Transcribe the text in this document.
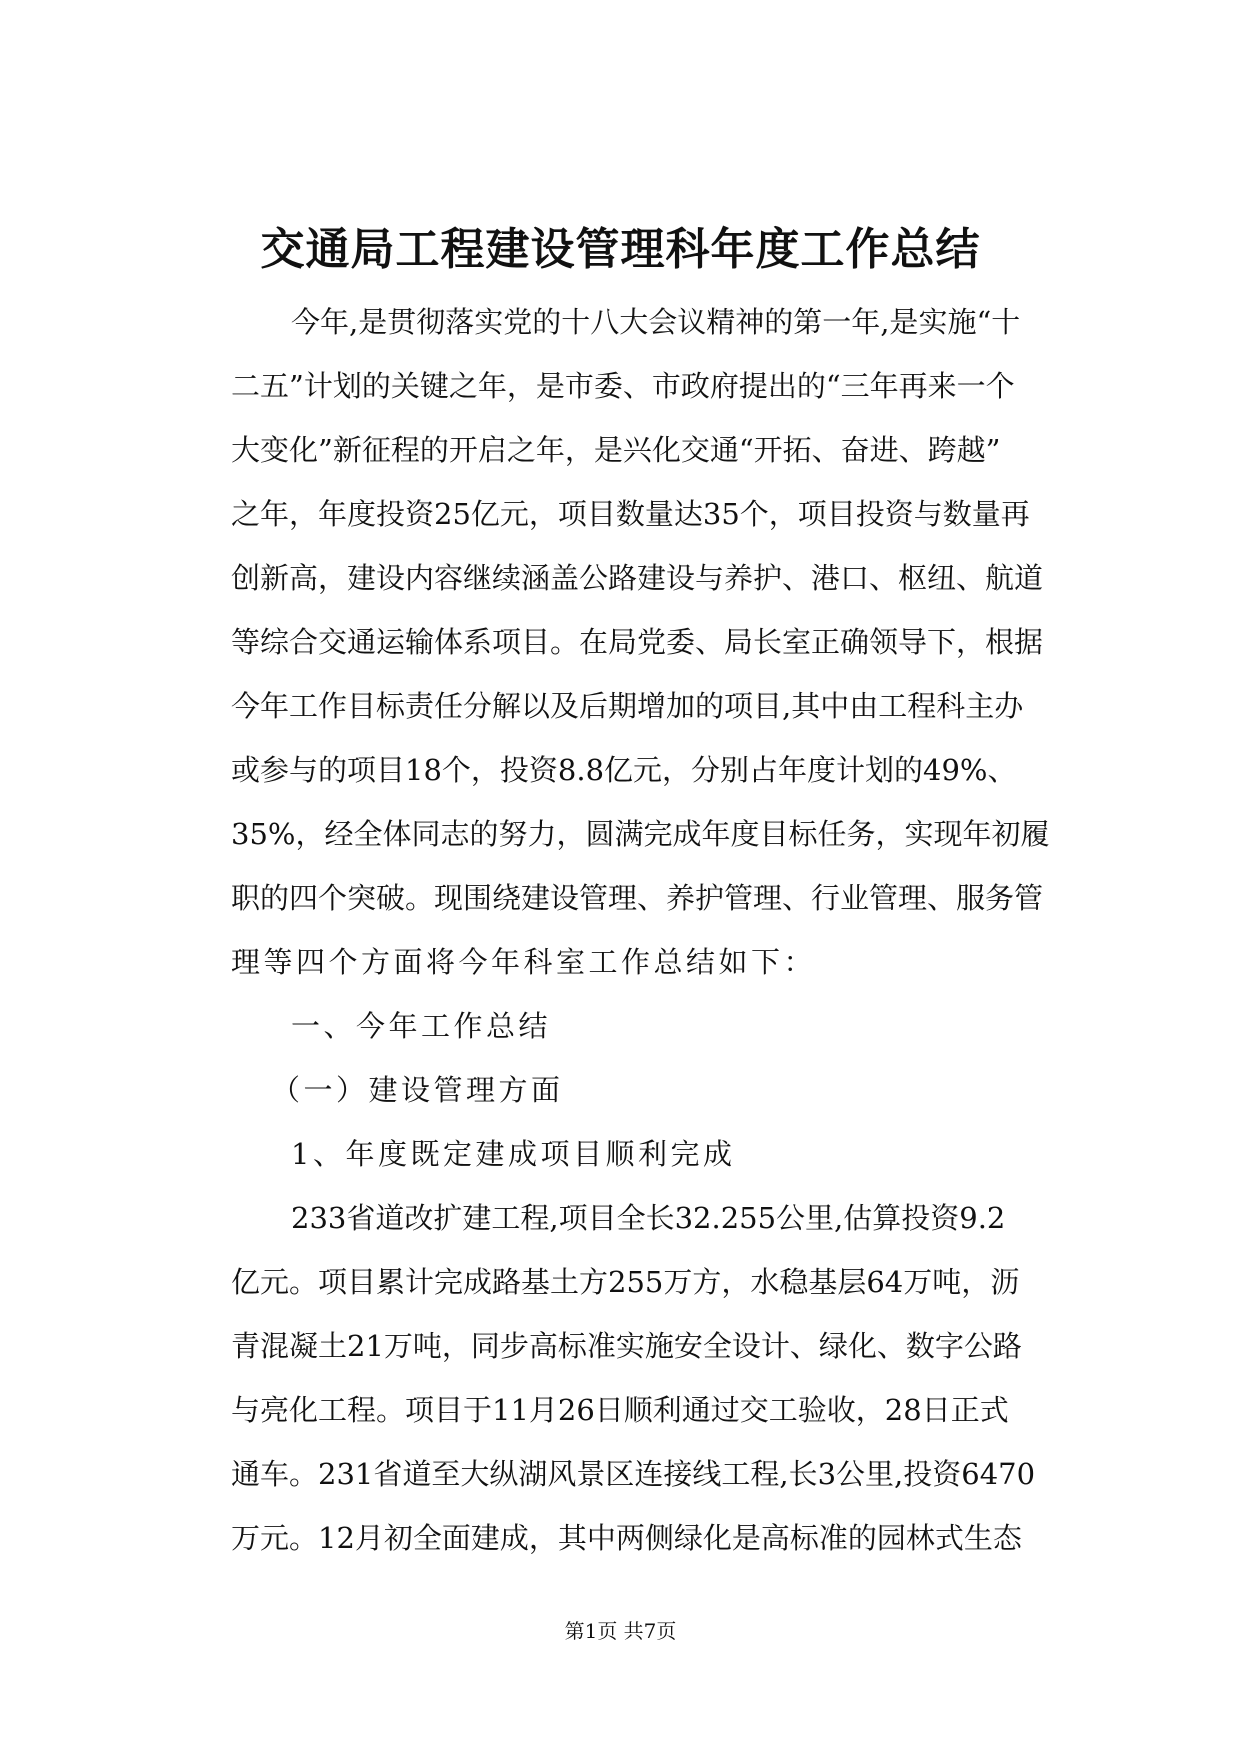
交通局工程建设管理科年度工作总结
今年,是贯彻落实党的十八大会议精神的第一年,是实施“十
二五”计划的关键之年，是市委、市政府提出的“三年再来一个
大变化”新征程的开启之年，是兴化交通“开拓、奋进、跨越”
之年，年度投资25亿元，项目数量达35个，项目投资与数量再
创新高，建设内容继续涵盖公路建设与养护、港口、枢纽、航道
等综合交通运输体系项目。在局党委、局长室正确领导下，根据
今年工作目标责任分解以及后期增加的项目,其中由工程科主办
或参与的项目18个，投资8.8亿元，分别占年度计划的49%、
35%，经全体同志的努力，圆满完成年度目标任务，实现年初履
职的四个突破。现围绕建设管理、养护管理、行业管理、服务管
理等四个方面将今年科室工作总结如下：
一、今年工作总结
（一）建设管理方面
1、年度既定建成项目顺利完成
233省道改扩建工程,项目全长32.255公里,估算投资9.2
亿元。项目累计完成路基土方255万方，水稳基层64万吨，沥
青混凝土21万吨，同步高标准实施安全设计、绿化、数字公路
与亮化工程。项目于11月26日顺利通过交工验收，28日正式
通车。231省道至大纵湖风景区连接线工程,长3公里,投资6470
万元。12月初全面建成，其中两侧绿化是高标准的园林式生态
第1页 共7页
